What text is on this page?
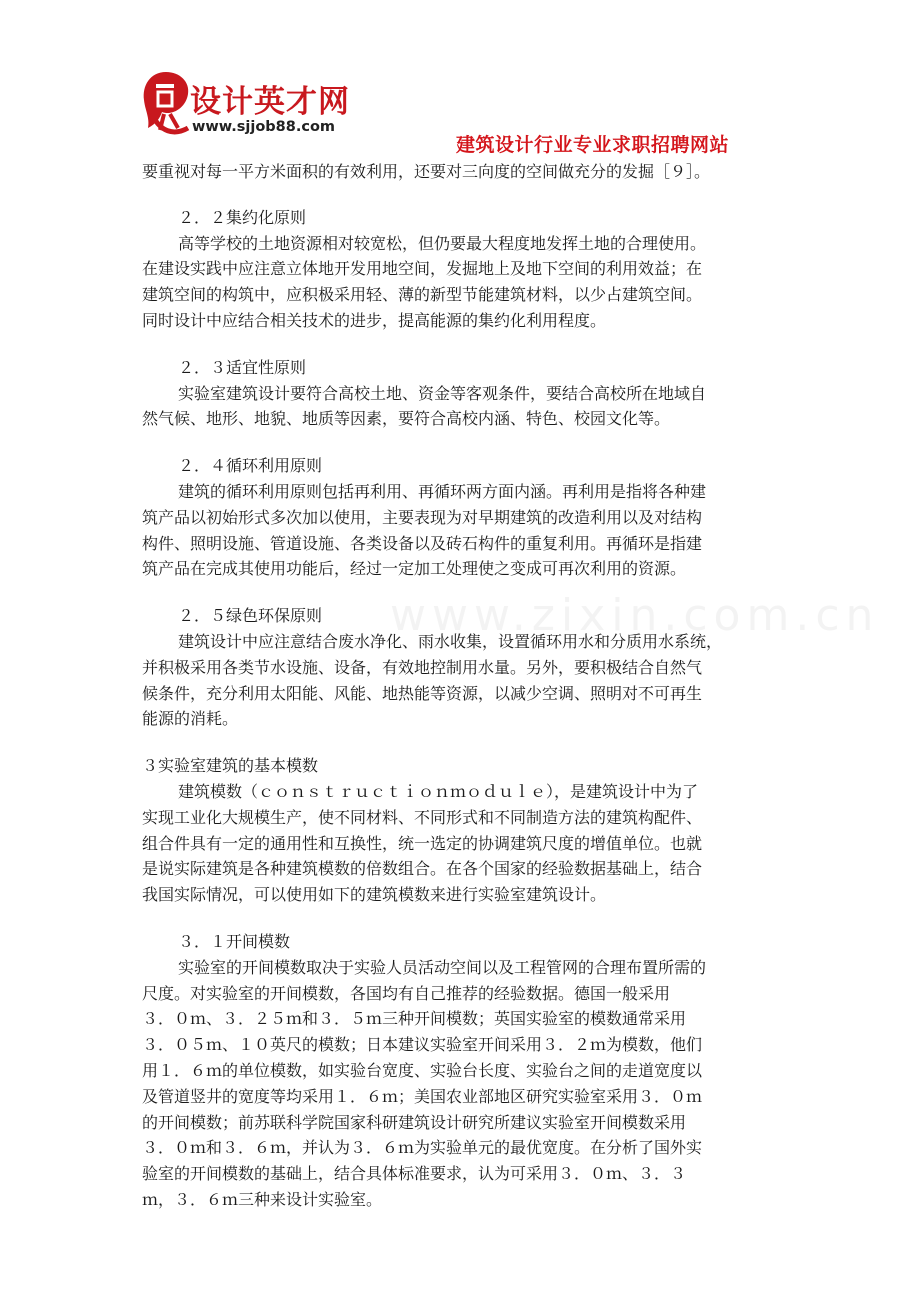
设计英才网
www.sjjob88.com
建筑设计行业专业求职招聘网站
www.zixin.com.cn
要重视对每一平方米面积的有效利用，还要对三向度的空间做充分的发掘［９］。
２．２集约化原则
高等学校的土地资源相对较宽松，但仍要最大程度地发挥土地的合理使用。
在建设实践中应注意立体地开发用地空间，发掘地上及地下空间的利用效益；在
建筑空间的构筑中，应积极采用轻、薄的新型节能建筑材料，以少占建筑空间。
同时设计中应结合相关技术的进步，提高能源的集约化利用程度。
２．３适宜性原则
实验室建筑设计要符合高校土地、资金等客观条件，要结合高校所在地域自
然气候、地形、地貌、地质等因素，要符合高校内涵、特色、校园文化等。
２．４循环利用原则
建筑的循环利用原则包括再利用、再循环两方面内涵。再利用是指将各种建
筑产品以初始形式多次加以使用，主要表现为对早期建筑的改造利用以及对结构
构件、照明设施、管道设施、各类设备以及砖石构件的重复利用。再循环是指建
筑产品在完成其使用功能后，经过一定加工处理使之变成可再次利用的资源。
２．５绿色环保原则
建筑设计中应注意结合废水净化、雨水收集，设置循环用水和分质用水系统，
并积极采用各类节水设施、设备，有效地控制用水量。另外，要积极结合自然气
候条件，充分利用太阳能、风能、地热能等资源，以减少空调、照明对不可再生
能源的消耗。
３实验室建筑的基本模数
建筑模数（ｃｏｎｓｔｒｕｃｔｉｏｎｍｏｄｕｌｅ），是建筑设计中为了
实现工业化大规模生产，使不同材料、不同形式和不同制造方法的建筑构配件、
组合件具有一定的通用性和互换性，统一选定的协调建筑尺度的增值单位。也就
是说实际建筑是各种建筑模数的倍数组合。在各个国家的经验数据基础上，结合
我国实际情况，可以使用如下的建筑模数来进行实验室建筑设计。
３．１开间模数
实验室的开间模数取决于实验人员活动空间以及工程管网的合理布置所需的
尺度。对实验室的开间模数，各国均有自己推荐的经验数据。德国一般采用
３．０ｍ、３．２５ｍ和３．５ｍ三种开间模数；英国实验室的模数通常采用
３．０５ｍ、１０英尺的模数；日本建议实验室开间采用３．２ｍ为模数，他们
用１．６ｍ的单位模数，如实验台宽度、实验台长度、实验台之间的走道宽度以
及管道竖井的宽度等均采用１．６ｍ；美国农业部地区研究实验室采用３．０ｍ
的开间模数；前苏联科学院国家科研建筑设计研究所建议实验室开间模数采用
３．０ｍ和３．６ｍ，并认为３．６ｍ为实验单元的最优宽度。在分析了国外实
验室的开间模数的基础上，结合具体标准要求，认为可采用３．０ｍ、３．３
ｍ，３．６ｍ三种来设计实验室。
